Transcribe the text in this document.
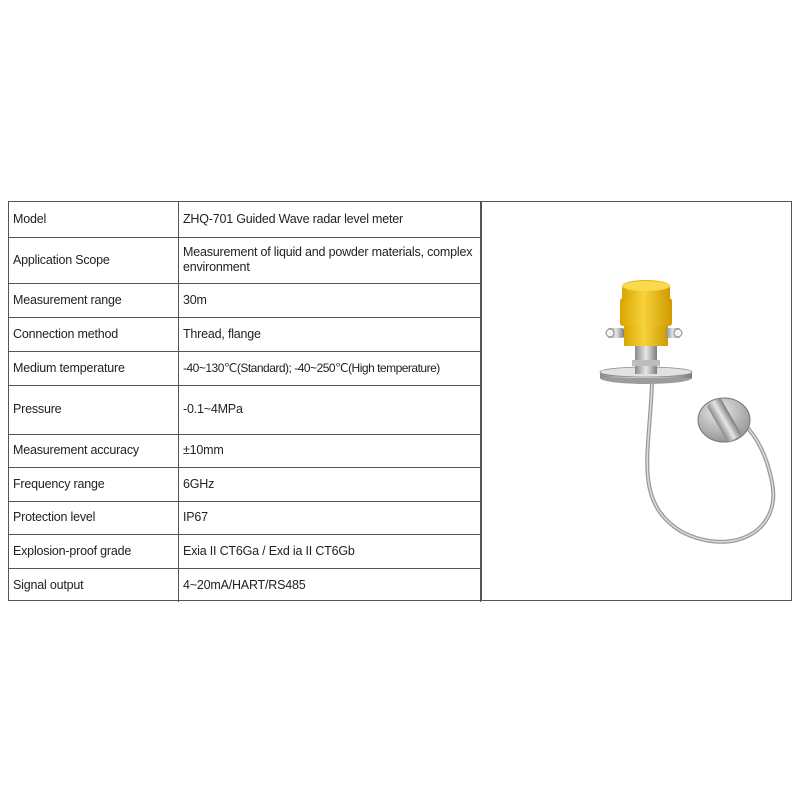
Model	ZHQ-701 Guided Wave radar level meter
Application Scope	Measurement of liquid and powder materials, complex environment
Measurement range	30m
Connection method	Thread, flange
Medium temperature	-40~130℃(Standard); -40~250℃(High temperature)
Pressure	-0.1~4MPa
Measurement accuracy	±10mm
Frequency range	6GHz
Protection level	IP67
Explosion-proof grade	Exia II CT6Ga / Exd ia II CT6Gb
Signal output	4~20mA/HART/RS485
